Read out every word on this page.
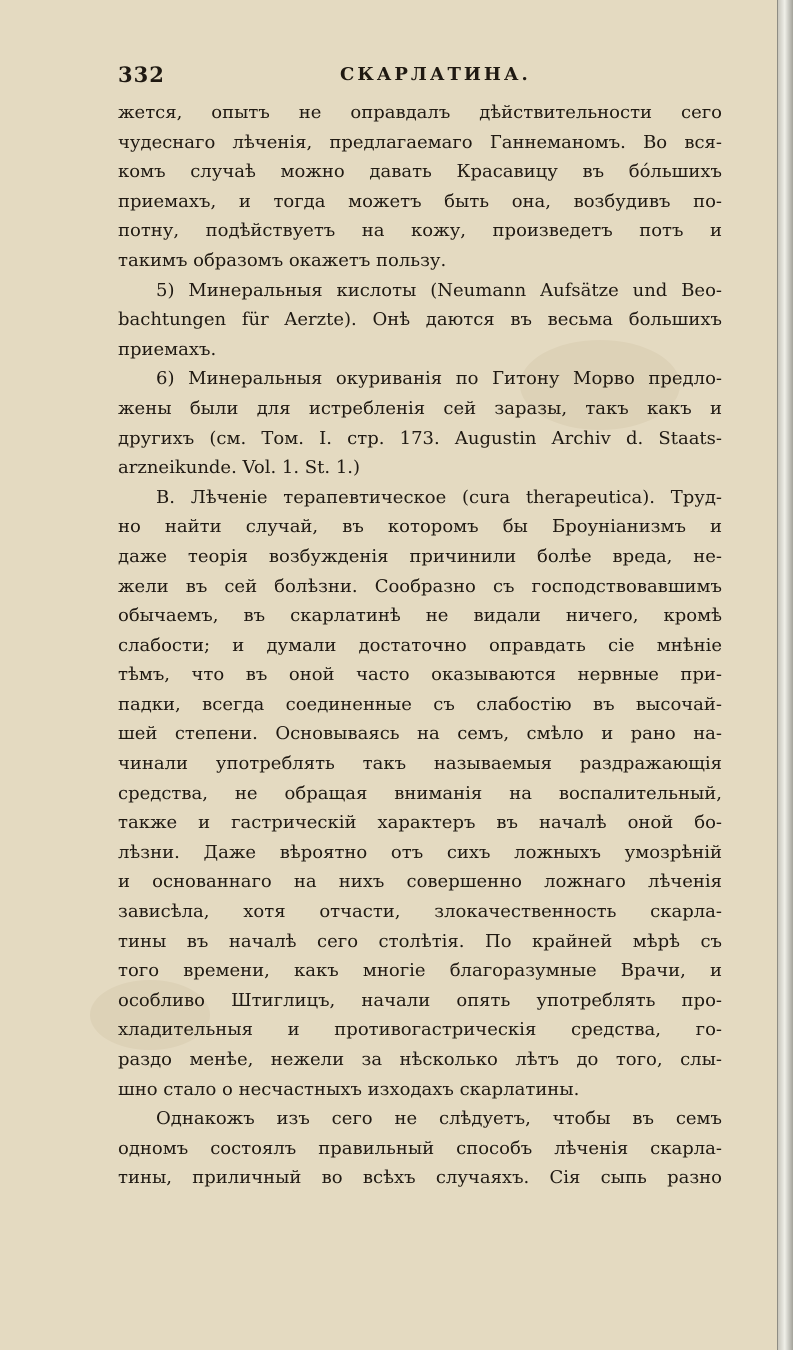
332	СКАРЛАТИНА.
жется, опытъ не оправдалъ дѣйствительности сего
чудеснаго лѣченія, предлагаемаго Ганнеманомъ. Во вся-
комъ случаѣ можно давать Красавицу въ бо́льшихъ
приемахъ, и тогда можетъ быть она, возбудивъ по-
потну, подѣйствуетъ на кожу, произведетъ потъ и
такимъ образомъ окажетъ пользу.
5) Минеральныя кислоты (Neumann Aufsätze und Beo-
bachtungen für Aerzte). Онѣ даются въ весьма большихъ
приемахъ.
6) Минеральныя окуриванія по Гитону Морво предло-
жены были для истребленія сей заразы, такъ какъ и
другихъ (см. Том. I. стр. 173. Augustin Archiv d. Staats-
arzneikunde. Vol. 1. St. 1.)
В. Лѣченіе терапевтическое (cura therapeutica). Труд-
но найти случай, въ которомъ бы Броуніанизмъ и
даже теорія возбужденія причинили болѣе вреда, не-
жели въ сей болѣзни. Сообразно съ господствовавшимъ
обычаемъ, въ скарлатинѣ не видали ничего, кромѣ
слабости; и думали достаточно оправдать сіе мнѣніе
тѣмъ, что въ оной часто оказываются нервные при-
падки, всегда соединенные съ слабостію въ высочай-
шей степени. Основываясь на семъ, смѣло и рано на-
чинали употреблять такъ называемыя раздражающія
средства, не обращая вниманія на воспалительный,
также и гастрическій характеръ въ началѣ оной бо-
лѣзни. Даже вѣроятно отъ сихъ ложныхъ умозрѣній
и основаннаго на нихъ совершенно ложнаго лѣченія
зависѣла, хотя отчасти, злокачественность скарла-
тины въ началѣ сего столѣтія. По крайней мѣрѣ съ
того времени, какъ многіе благоразумные Врачи, и
особливо Штиглицъ, начали опять употреблять про-
хладительныя и противогастрическія средства, го-
раздо менѣе, нежели за нѣсколько лѣтъ до того, слы-
шно стало о несчастныхъ изходахъ скарлатины.
Однакожъ изъ сего не слѣдуетъ, чтобы въ семъ
одномъ состоялъ правильный способъ лѣченія скарла-
тины, приличный во всѣхъ случаяхъ. Сія сыпь разно
